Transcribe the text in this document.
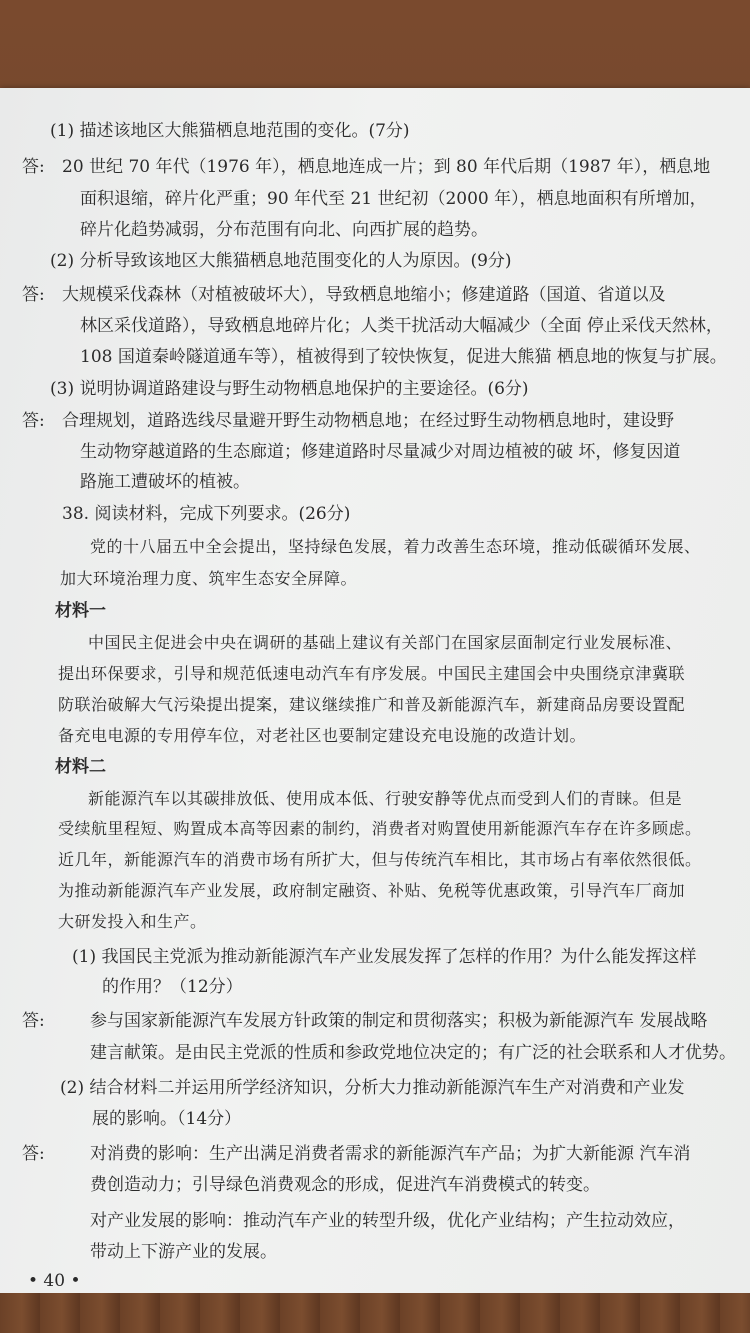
(1) 描述该地区大熊猫栖息地范围的变化。(7分)
答: 20 世纪 70 年代（1976 年），栖息地连成一片；到 80 年代后期（1987 年），栖息地
面积退缩，碎片化严重；90 年代至 21 世纪初（2000 年），栖息地面积有所增加，
碎片化趋势减弱，分布范围有向北、向西扩展的趋势。
(2) 分析导致该地区大熊猫栖息地范围变化的人为原因。(9分)
答: 大规模采伐森林（对植被破坏大），导致栖息地缩小；修建道路（国道、省道以及
林区采伐道路），导致栖息地碎片化；人类干扰活动大幅减少（全面 停止采伐天然林，
108 国道秦岭隧道通车等），植被得到了较快恢复，促进大熊猫 栖息地的恢复与扩展。
(3) 说明协调道路建设与野生动物栖息地保护的主要途径。(6分)
答: 合理规划，道路选线尽量避开野生动物栖息地；在经过野生动物栖息地时，建设野
生动物穿越道路的生态廊道；修建道路时尽量减少对周边植被的破 坏，修复因道
路施工遭破坏的植被。
38. 阅读材料，完成下列要求。(26分)
党的十八届五中全会提出，坚持绿色发展，着力改善生态环境，推动低碳循环发展、
加大环境治理力度、筑牢生态安全屏障。
材料一
中国民主促进会中央在调研的基础上建议有关部门在国家层面制定行业发展标准、
提出环保要求，引导和规范低速电动汽车有序发展。中国民主建国会中央围绕京津冀联
防联治破解大气污染提出提案，建议继续推广和普及新能源汽车，新建商品房要设置配
备充电电源的专用停车位，对老社区也要制定建设充电设施的改造计划。
材料二
新能源汽车以其碳排放低、使用成本低、行驶安静等优点而受到人们的青睐。但是
受续航里程短、购置成本高等因素的制约，消费者对购置使用新能源汽车存在许多顾虑。
近几年，新能源汽车的消费市场有所扩大，但与传统汽车相比，其市场占有率依然很低。
为推动新能源汽车产业发展，政府制定融资、补贴、免税等优惠政策，引导汽车厂商加
大研发投入和生产。
(1) 我国民主党派为推动新能源汽车产业发展发挥了怎样的作用？为什么能发挥这样
的作用？（12分）
答:	参与国家新能源汽车发展方针政策的制定和贯彻落实；积极为新能源汽车 发展战略
建言献策。是由民主党派的性质和参政党地位决定的；有广泛的社会联系和人才优势。
(2) 结合材料二并运用所学经济知识，分析大力推动新能源汽车生产对消费和产业发
展的影响。（14分）
答:	对消费的影响：生产出满足消费者需求的新能源汽车产品；为扩大新能源 汽车消
费创造动力；引导绿色消费观念的形成，促进汽车消费模式的转变。
对产业发展的影响：推动汽车产业的转型升级，优化产业结构；产生拉动效应，
带动上下游产业的发展。
• 40 •
